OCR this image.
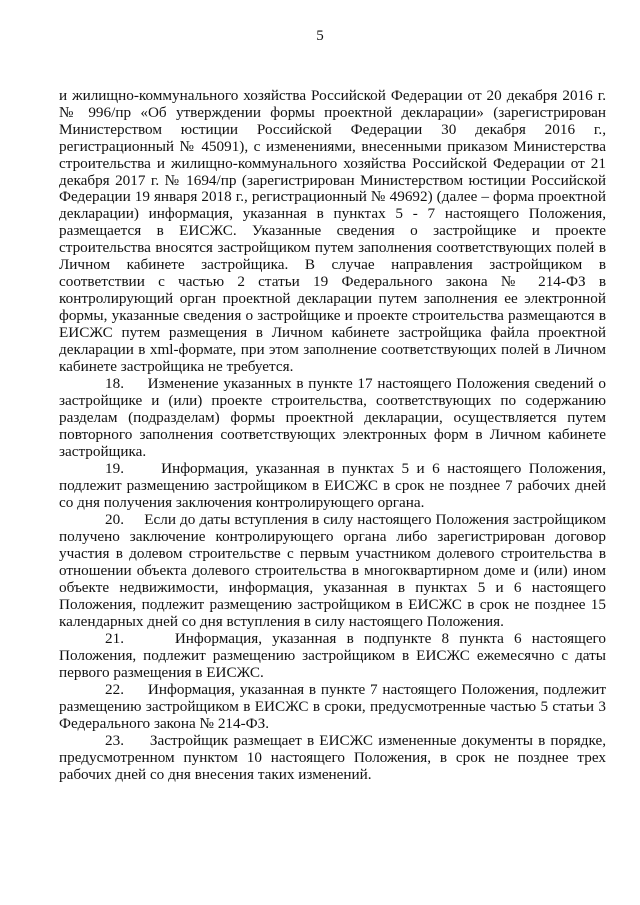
5

и жилищно-коммунального хозяйства Российской Федерации от 20 декабря 2016 г. № 996/пр «Об утверждении формы проектной декларации» (зарегистрирован Министерством юстиции Российской Федерации 30 декабря 2016 г., регистрационный № 45091), с изменениями, внесенными приказом Министерства строительства и жилищно-коммунального хозяйства Российской Федерации от 21 декабря 2017 г. № 1694/пр (зарегистрирован Министерством юстиции Российской Федерации 19 января 2018 г., регистрационный № 49692) (далее – форма проектной декларации) информация, указанная в пунктах 5 - 7 настоящего Положения, размещается в ЕИСЖС. Указанные сведения о застройщике и проекте строительства вносятся застройщиком путем заполнения соответствующих полей в Личном кабинете застройщика. В случае направления застройщиком в соответствии с частью 2 статьи 19 Федерального закона № 214-ФЗ в контролирующий орган проектной декларации путем заполнения ее электронной формы, указанные сведения о застройщике и проекте строительства размещаются в ЕИСЖС путем размещения в Личном кабинете застройщика файла проектной декларации в xml-формате, при этом заполнение соответствующих полей в Личном кабинете застройщика не требуется.

18.     Изменение указанных в пункте 17 настоящего Положения сведений о застройщике и (или) проекте строительства, соответствующих по содержанию разделам (подразделам) формы проектной декларации, осуществляется путем повторного заполнения соответствующих электронных форм в Личном кабинете застройщика.

19.     Информация, указанная в пунктах 5 и 6 настоящего Положения, подлежит размещению застройщиком в ЕИСЖС в срок не позднее 7 рабочих дней со дня получения заключения контролирующего органа.

20.     Если до даты вступления в силу настоящего Положения застройщиком получено заключение контролирующего органа либо зарегистрирован договор участия в долевом строительстве с первым участником долевого строительства в отношении объекта долевого строительства в многоквартирном доме и (или) ином объекте недвижимости, информация, указанная в пунктах 5 и 6 настоящего Положения, подлежит размещению застройщиком в ЕИСЖС в срок не позднее 15 календарных дней со дня вступления в силу настоящего Положения.

21.     Информация, указанная в подпункте 8 пункта 6 настоящего Положения, подлежит размещению застройщиком в ЕИСЖС ежемесячно с даты первого размещения в ЕИСЖС.

22.     Информация, указанная в пункте 7 настоящего Положения, подлежит размещению застройщиком в ЕИСЖС в сроки, предусмотренные частью 5 статьи 3 Федерального закона № 214-ФЗ.

23.     Застройщик размещает в ЕИСЖС измененные документы в порядке, предусмотренном пунктом 10 настоящего Положения, в срок не позднее трех рабочих дней со дня внесения таких изменений.
